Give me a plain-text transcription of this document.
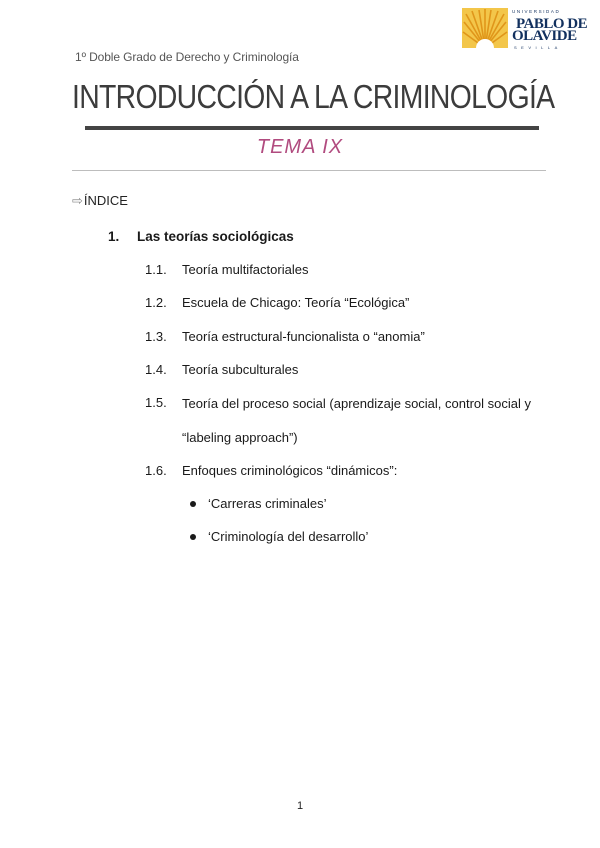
UNIVERSIDAD
PABLO DE
OLAVIDE
SEVILLA
1º Doble Grado de Derecho y Criminología
INTRODUCCIÓN A LA CRIMINOLOGÍA
TEMA IX
⇨ÍNDICE
1. Las teorías sociológicas
1.1. Teoría multifactoriales
1.2. Escuela de Chicago: Teoría “Ecológica”
1.3. Teoría estructural-funcionalista o “anomia”
1.4. Teoría subculturales
1.5. Teoría del proceso social (aprendizaje social, control social y “labeling approach”)
1.6. Enfoques criminológicos “dinámicos”:
‘Carreras criminales’
‘Criminología del desarrollo’
1
